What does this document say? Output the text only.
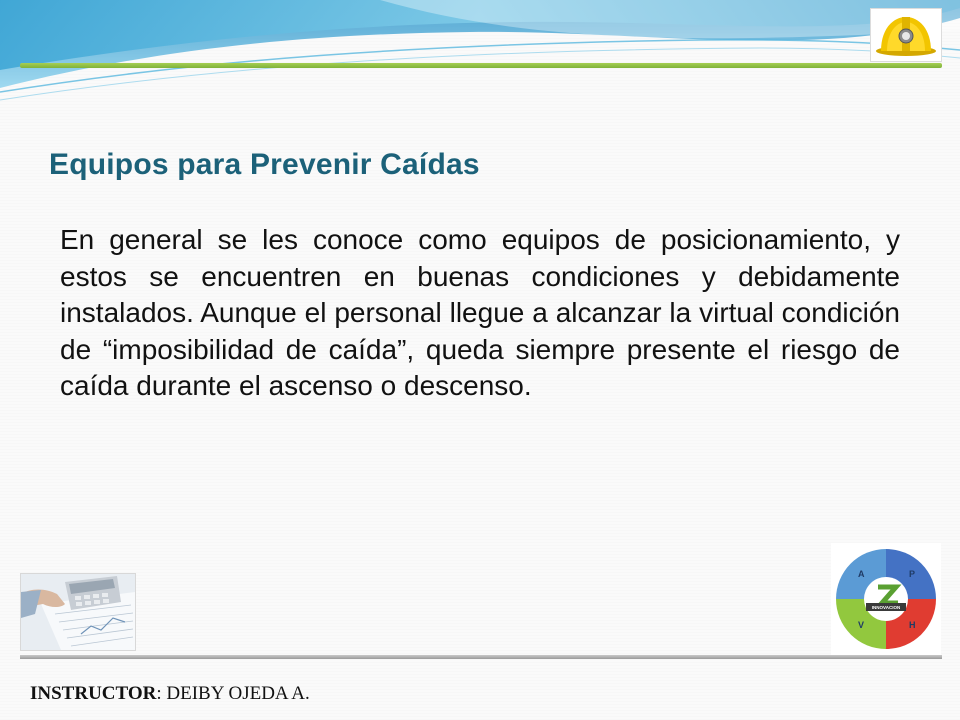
Equipos para Prevenir Caídas

En general se les conoce como equipos de posicionamiento, y estos se encuentren en buenas condiciones y debidamente instalados. Aunque el personal llegue a alcanzar la virtual condición de “imposibilidad de caída”, queda siempre presente el riesgo de caída durante el ascenso o descenso.

A	P
V	H
INNOVACION

INSTRUCTOR: DEIBY OJEDA A.
